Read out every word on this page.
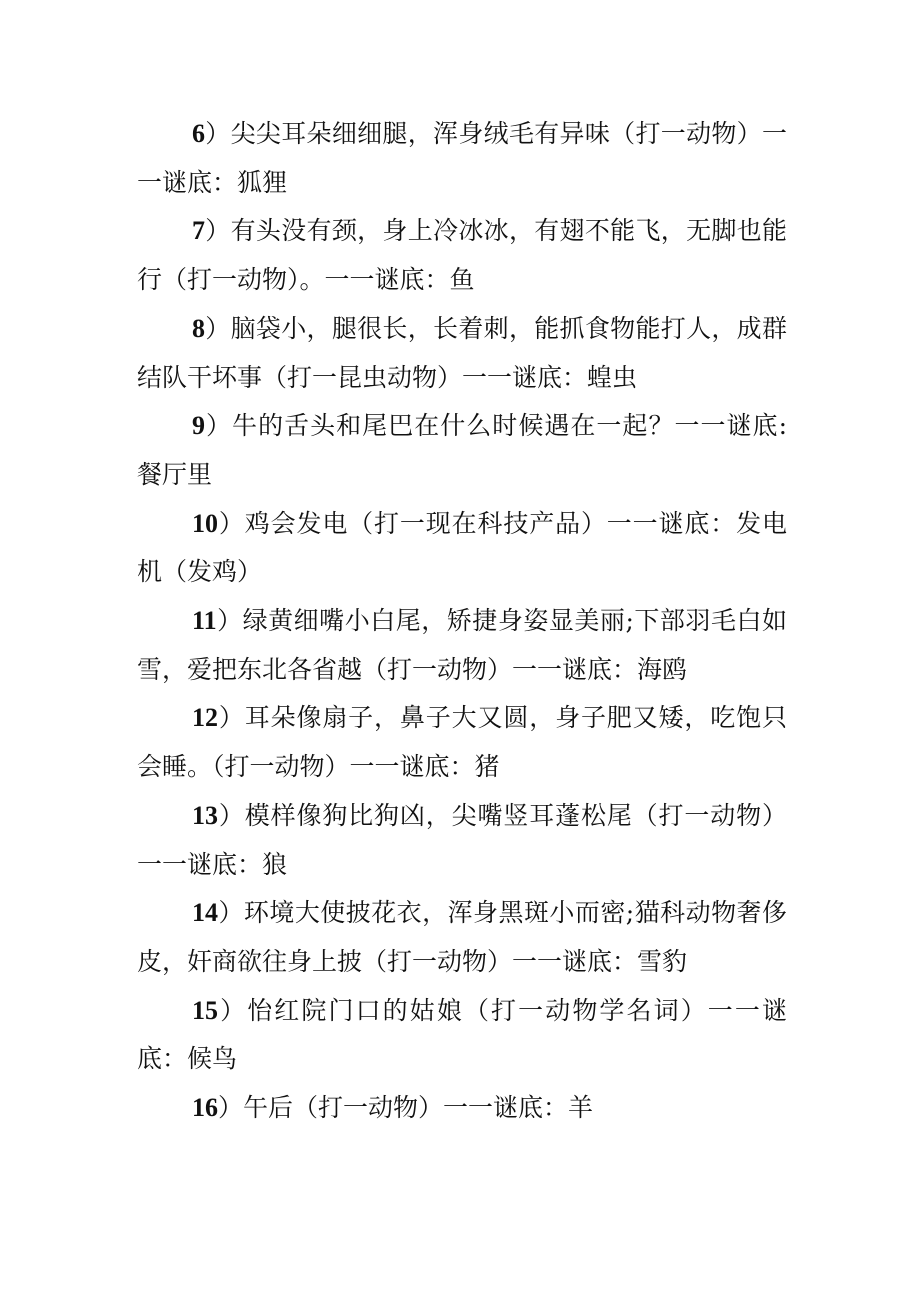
6）尖尖耳朵细细腿，浑身绒毛有异味（打一动物）一一谜底：狐狸
7）有头没有颈，身上冷冰冰，有翅不能飞，无脚也能行（打一动物）。一一谜底：鱼
8）脑袋小，腿很长，长着刺，能抓食物能打人，成群结队干坏事（打一昆虫动物）一一谜底：蝗虫
9）牛的舌头和尾巴在什么时候遇在一起？一一谜底:餐厅里
10）鸡会发电（打一现在科技产品）一一谜底：发电机（发鸡）
11）绿黄细嘴小白尾，矫捷身姿显美丽;下部羽毛白如雪，爱把东北各省越（打一动物）一一谜底：海鸥
12）耳朵像扇子，鼻子大又圆，身子肥又矮，吃饱只会睡。（打一动物）一一谜底：猪
13）模样像狗比狗凶，尖嘴竖耳蓬松尾（打一动物）一一谜底：狼
14）环境大使披花衣，浑身黑斑小而密;猫科动物奢侈皮，奸商欲往身上披（打一动物）一一谜底：雪豹
15）怡红院门口的姑娘（打一动物学名词）一一谜底：候鸟
16）午后（打一动物）一一谜底：羊
